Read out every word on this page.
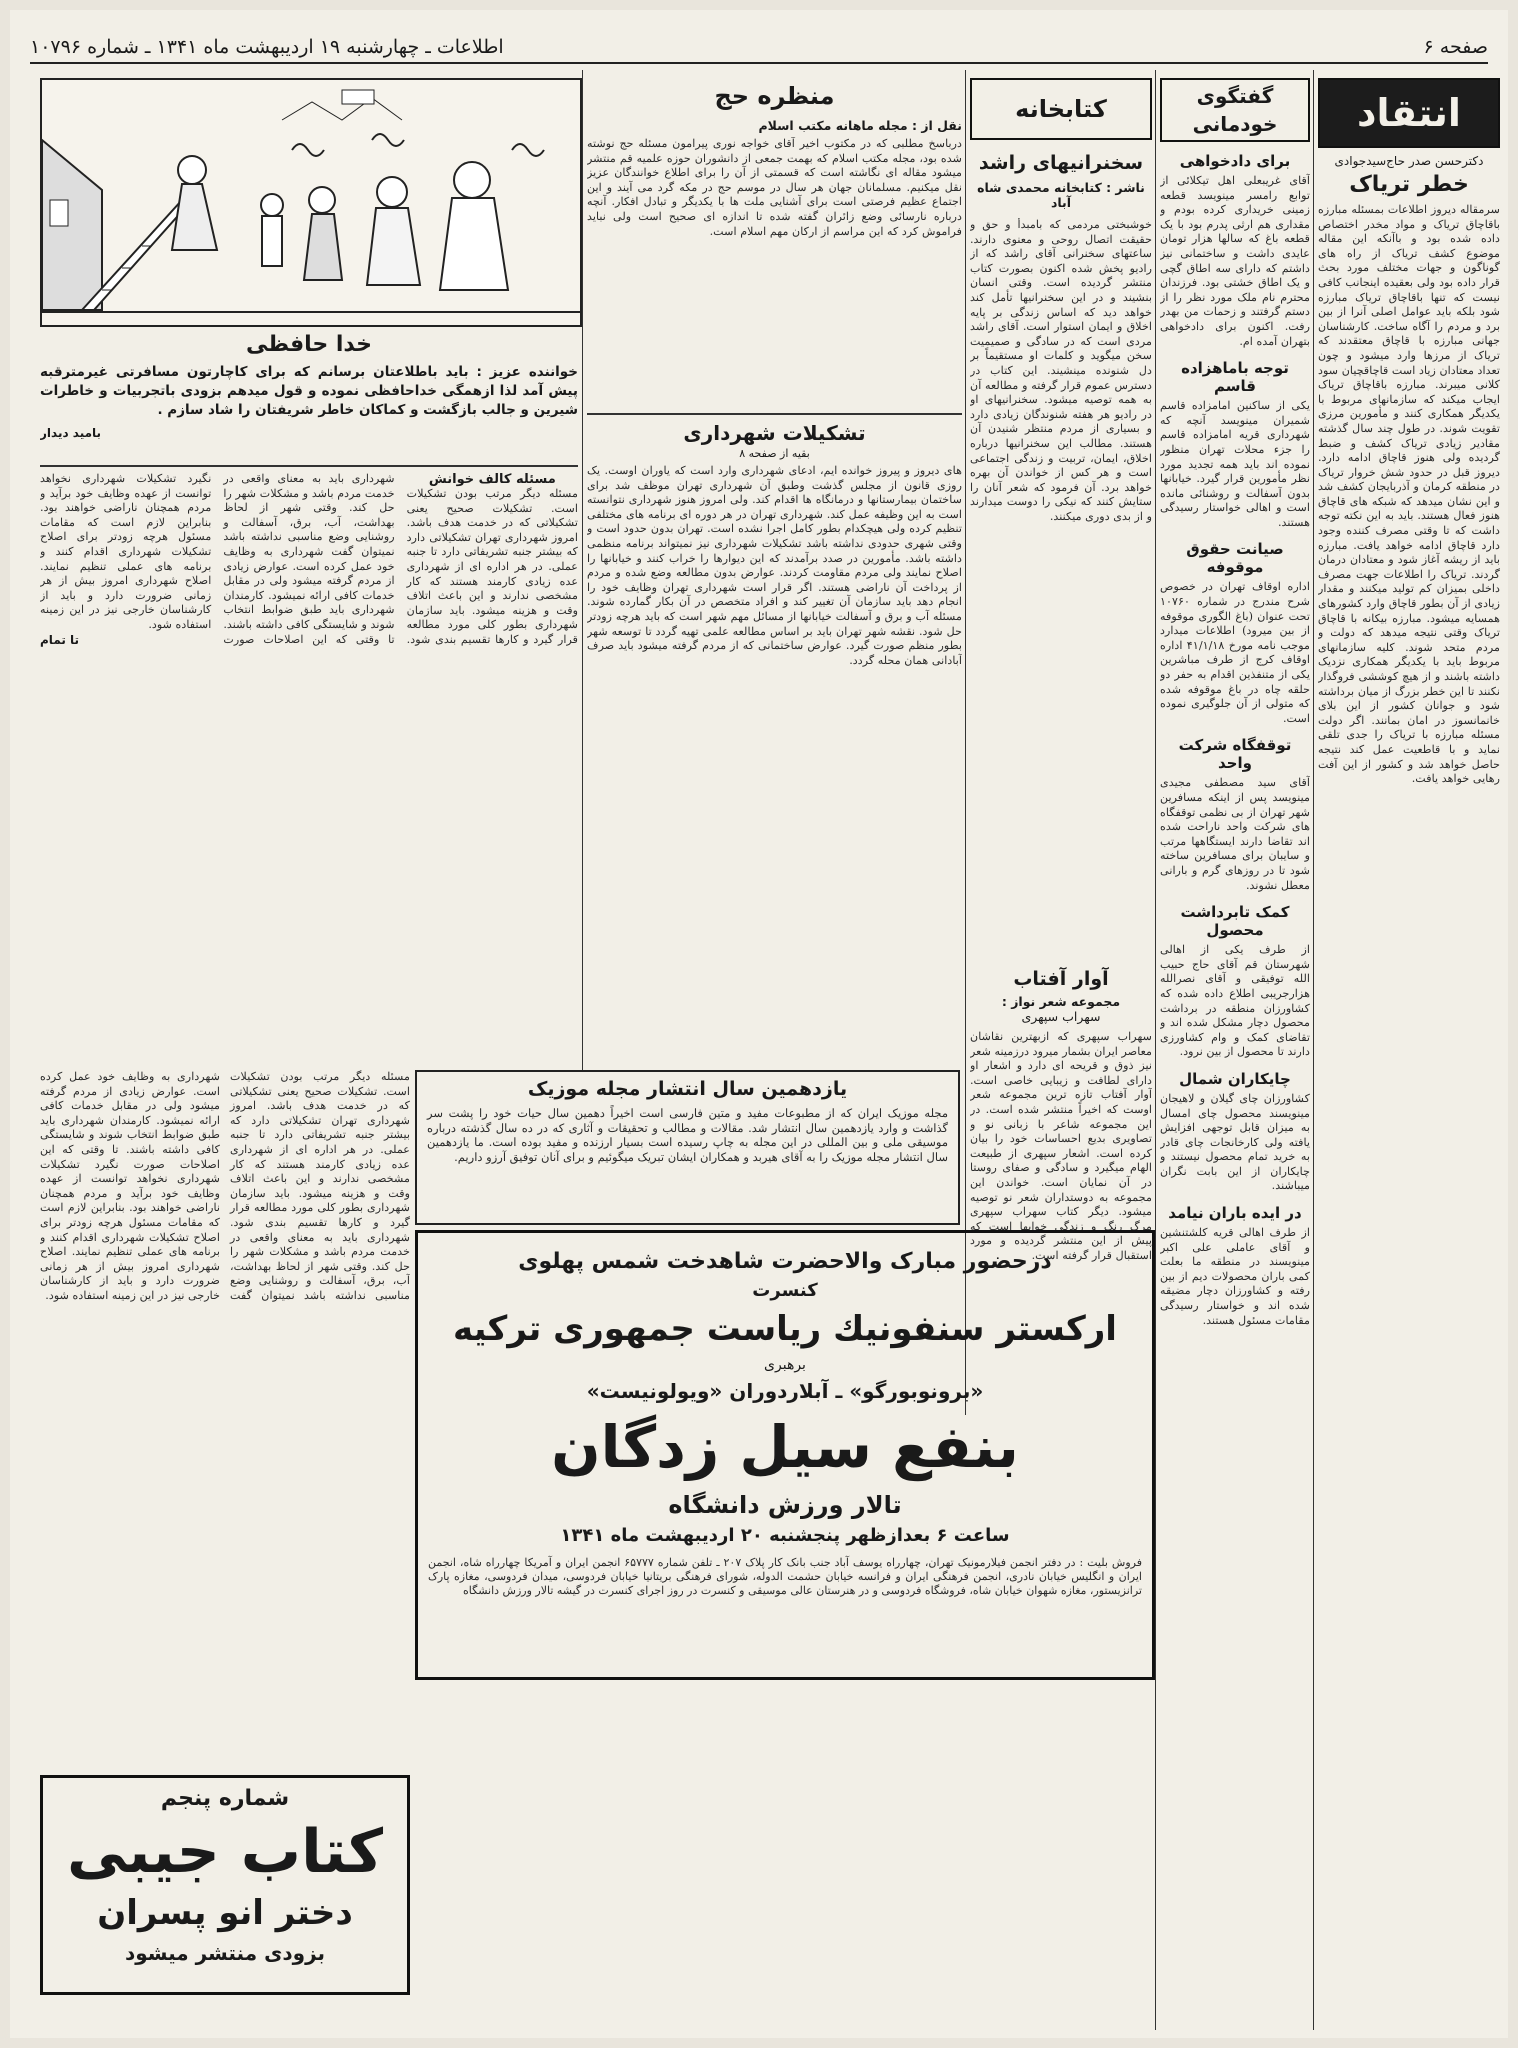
صفحه ۶
اطلاعات ـ چهارشنبه ۱۹ اردیبهشت ماه ۱۳۴۱ ـ شماره ۱۰۷۹۶
انتقاد
دکترحسن صدر حاج‌سیدجوادی
خطر تریاک
سرمقاله دیروز اطلاعات بمسئله مبارزه باقاچاق تریاک و مواد مخدر اختصاص داده شده بود و باآنکه این مقاله موضوع کشف تریاک از راه های گوناگون و جهات مختلف مورد بحث قرار داده بود ولی بعقیده اینجانب کافی نیست که تنها باقاچاق تریاک مبارزه شود بلکه باید عوامل اصلی آنرا از بین برد و مردم را آگاه ساخت. کارشناسان جهانی مبارزه با قاچاق معتقدند که تریاک از مرزها وارد میشود و چون تعداد معتادان زیاد است قاچاقچیان سود کلانی میبرند. مبارزه باقاچاق تریاک ایجاب میکند که سازمانهای مربوط با یکدیگر همکاری کنند و مأمورین مرزی تقویت شوند. در طول چند سال گذشته مقادیر زیادی تریاک کشف و ضبط گردیده ولی هنوز قاچاق ادامه دارد. دیروز قبل در حدود شش خروار تریاک در منطقه کرمان و آذربایجان کشف شد و این نشان میدهد که شبکه های قاچاق هنوز فعال هستند. باید به این نکته توجه داشت که تا وقتی مصرف کننده وجود دارد قاچاق ادامه خواهد یافت. مبارزه باید از ریشه آغاز شود و معتادان درمان گردند. تریاک را اطلاعات جهت مصرف داخلی بمیزان کم تولید میکنند و مقدار زیادی از آن بطور قاچاق وارد کشورهای همسایه میشود. مبارزه بیکانه با قاچاق تریاک وقتی نتیجه میدهد که دولت و مردم متحد شوند. کلیه سازمانهای مربوط باید با یکدیگر همکاری نزدیک داشته باشند و از هیچ کوششی فروگذار نکنند تا این خطر بزرگ از میان برداشته شود و جوانان کشور از این بلای خانمانسوز در امان بمانند. اگر دولت مسئله مبارزه با تریاک را جدی تلقی نماید و با قاطعیت عمل کند نتیجه حاصل خواهد شد و کشور از این آفت رهایی خواهد یافت.
گفتگوی خودمانی
برای دادخواهی
آقای غریبعلی اهل تیکلائی از توابع رامسر مینویسد قطعه زمینی خریداری کرده بودم و مقداری هم ارثی پدرم بود با یک قطعه باغ که سالها هزار تومان عایدی داشت و ساختمانی نیز داشتم که دارای سه اطاق گچی و یک اطاق خشتی بود. فرزندان محترم نام ملک مورد نظر را از دستم گرفتند و زحمات من بهدر رفت. اکنون برای دادخواهی بتهران آمده ام.
توجه باماهزاده قاسم
یکی از ساکنین امامزاده قاسم شمیران مینویسد آنچه که شهرداری قریه امامزاده قاسم را جزء محلات تهران منظور نموده اند باید همه تجدید مورد نظر مأمورین قرار گیرد. خیابانها بدون آسفالت و روشنائی مانده است و اهالی خواستار رسیدگی هستند.
صیانت حقوق موقوفه
اداره اوقاف تهران در خصوص شرح مندرج در شماره ۱۰۷۶۰ تحت عنوان (باغ الگوری موقوفه از بین میرود) اطلاعات میدارد موجب نامه مورخ ۴۱/۱/۱۸ اداره اوقاف کرج از طرف مباشرین یکی از متنفذین اقدام به حفر دو حلقه چاه در باغ موقوفه شده که متولی از آن جلوگیری نموده است.
توقفگاه شرکت واحد
آقای سید مصطفی مجیدی مینویسد پس از اینکه مسافرین شهر تهران از بی نظمی توقفگاه های شرکت واحد ناراحت شده اند تقاضا دارند ایستگاهها مرتب و سایبان برای مسافرین ساخته شود تا در روزهای گرم و بارانی معطل نشوند.
کمک تابرداشت محصول
از طرف یکی از اهالی شهرستان قم آقای حاج حبیب الله توفیقی و آقای نصرالله هزارجریبی اطلاع داده شده که کشاورزان منطقه در برداشت محصول دچار مشکل شده اند و تقاضای کمک و وام کشاورزی دارند تا محصول از بین نرود.
چایکاران شمال
کشاورزان چای گیلان و لاهیجان مینویسند محصول چای امسال به میزان قابل توجهی افزایش یافته ولی کارخانجات چای قادر به خرید تمام محصول نیستند و چایکاران از این بابت نگران میباشند.
در ایده باران نیامد
از طرف اهالی قریه کلشتنشین و آقای عاملی علی اکبر مینویسند در منطقه ما بعلت کمی باران محصولات دیم از بین رفته و کشاورزان دچار مضیقه شده اند و خواستار رسیدگی مقامات مسئول هستند.
کتابخانه
سخنرانیهای راشد
ناشر : کتابخانه محمدی شاه آباد
خوشبختی مردمی که بامبدأ و حق و حقیقت اتصال روحی و معنوی دارند. ساعتهای سخنرانی آقای راشد که از رادیو پخش شده اکنون بصورت کتاب منتشر گردیده است. وقتی انسان بنشیند و در این سخنرانیها تأمل کند خواهد دید که اساس زندگی بر پایه اخلاق و ایمان استوار است. آقای راشد مردی است که در سادگی و صمیمیت سخن میگوید و کلمات او مستقیماً بر دل شنونده مینشیند. این کتاب در دسترس عموم قرار گرفته و مطالعه آن به همه توصیه میشود. سخنرانیهای او در رادیو هر هفته شنوندگان زیادی دارد و بسیاری از مردم منتظر شنیدن آن هستند. مطالب این سخنرانیها درباره اخلاق، ایمان، تربیت و زندگی اجتماعی است و هر کس از خواندن آن بهره خواهد برد. آن فرمود که شعر آنان را ستایش کنند که نیکی را دوست میدارند و از بدی دوری میکنند.
آوار آفتاب
مجموعه شعر نواز :
سهراب سپهری
سهراب سپهری که ازبهترین نقاشان معاصر ایران بشمار میرود درزمینه شعر نیز ذوق و قریحه ای دارد و اشعار او دارای لطافت و زیبایی خاصی است. آوار آفتاب تازه ترین مجموعه شعر اوست که اخیراً منتشر شده است. در این مجموعه شاعر با زبانی نو و تصاویری بدیع احساسات خود را بیان کرده است. اشعار سپهری از طبیعت الهام میگیرد و سادگی و صفای روستا در آن نمایان است. خواندن این مجموعه به دوستداران شعر نو توصیه میشود. دیگر کتاب سهراب سپهری مرگ رنگ و زندگی خوابها است که پیش از این منتشر گردیده و مورد استقبال قرار گرفته است.
منظره حج
نقل از : مجله ماهانه مکتب اسلام
درباسخ مطلبی که در مکتوب اخیر آقای خواجه نوری پیرامون مسئله حج نوشته شده بود، مجله مکتب اسلام که بهمت جمعی از دانشوران حوزه علمیه قم منتشر میشود مقاله ای نگاشته است که قسمتی از آن را برای اطلاع خوانندگان عزیز نقل میکنیم. مسلمانان جهان هر سال در موسم حج در مکه گرد می آیند و این اجتماع عظیم فرصتی است برای آشنایی ملت ها با یکدیگر و تبادل افکار. آنچه درباره نارسائی وضع زائران گفته شده تا اندازه ای صحیح است ولی نباید فراموش کرد که این مراسم از ارکان مهم اسلام است.
تشکیلات شهرداری
بقیه از صفحه ۸
های دیروز و پیروز خوانده ایم، ادعای شهرداری وارد است که یاوران اوست. یک روزی قانون از مجلس گذشت وطبق آن شهرداری تهران موظف شد برای ساختمان بیمارستانها و درمانگاه ها اقدام کند. ولی امروز هنوز شهرداری نتوانسته است به این وظیفه عمل کند. شهرداری تهران در هر دوره ای برنامه های مختلفی تنظیم کرده ولی هیچکدام بطور کامل اجرا نشده است. تهران بدون حدود است و وقتی شهری حدودی نداشته باشد تشکیلات شهرداری نیز نمیتواند برنامه منظمی داشته باشد. مأمورین در صدد برآمدند که این دیوارها را خراب کنند و خیابانها را اصلاح نمایند ولی مردم مقاومت کردند. عوارض بدون مطالعه وضع شده و مردم از پرداخت آن ناراضی هستند. اگر قرار است شهرداری تهران وظایف خود را انجام دهد باید سازمان آن تغییر کند و افراد متخصص در آن بکار گمارده شوند. مسئله آب و برق و آسفالت خیابانها از مسائل مهم شهر است که باید هرچه زودتر حل شود. نقشه شهر تهران باید بر اساس مطالعه علمی تهیه گردد تا توسعه شهر بطور منظم صورت گیرد. عوارض ساختمانی که از مردم گرفته میشود باید صرف آبادانی همان محله گردد.
خدا حافظی
خواننده عزیز : باید باطلاعتان برسانم که برای کاچارتون مسافرتی غیرمترقبه پیش آمد لذا ازهمگی خداحافظی نموده و قول میدهم بزودی باتجربیات و خاطرات شیرین و جالب بازگشت و کماکان خاطر شریفتان را شاد سازم .
بامید دیدار
مسئله کالف خوانش
مسئله دیگر مرتب بودن تشکیلات است. تشکیلات صحیح یعنی تشکیلاتی که در خدمت هدف باشد. امروز شهرداری تهران تشکیلاتی دارد که بیشتر جنبه تشریفاتی دارد تا جنبه عملی. در هر اداره ای از شهرداری عده زیادی کارمند هستند که کار مشخصی ندارند و این باعث اتلاف وقت و هزینه میشود. باید سازمان شهرداری بطور کلی مورد مطالعه قرار گیرد و کارها تقسیم بندی شود. شهرداری باید به معنای واقعی در خدمت مردم باشد و مشکلات شهر را حل کند. وقتی شهر از لحاظ بهداشت، آب، برق، آسفالت و روشنایی وضع مناسبی نداشته باشد نمیتوان گفت شهرداری به وظایف خود عمل کرده است. عوارض زیادی از مردم گرفته میشود ولی در مقابل خدمات کافی ارائه نمیشود. کارمندان شهرداری باید طبق ضوابط انتخاب شوند و شایستگی کافی داشته باشند. تا وقتی که این اصلاحات صورت نگیرد تشکیلات شهرداری نخواهد توانست از عهده وظایف خود برآید و مردم همچنان ناراضی خواهند بود. بنابراین لازم است که مقامات مسئول هرچه زودتر برای اصلاح تشکیلات شهرداری اقدام کنند و برنامه های عملی تنظیم نمایند. اصلاح شهرداری امروز بیش از هر زمانی ضرورت دارد و باید از کارشناسان خارجی نیز در این زمینه استفاده شود.
تا تمام
یازدهمین سال انتشار مجله موزیک
مجله موزیک ایران که از مطبوعات مفید و متین فارسی است اخیراً دهمین سال حیات خود را پشت سر گذاشت و وارد یازدهمین سال انتشار شد. مقالات و مطالب و تحقیقات و آثاری که در ده سال گذشته درباره موسیقی ملی و بین المللی در این مجله به چاپ رسیده است بسیار ارزنده و مفید بوده است. ما یازدهمین سال انتشار مجله موزیک را به آقای هیربد و همکاران ایشان تبریک میگوئیم و برای آنان توفیق آرزو داریم.
درحضور مبارک والاحضرت شاهدخت شمس پهلوی
کنسرت
ارکستر سنفونیك ریاست جمهوری ترکیه
برهبری
«برونوبورگو» ـ آبلاردوران «ویولونیست»
بنفع سیل زدگان
تالار ورزش دانشگاه
ساعت ۶ بعدازظهر پنجشنبه ۲۰ اردیبهشت ماه ۱۳۴۱
فروش بلیت : در دفتر انجمن فیلارمونیک تهران، چهارراه یوسف آباد جنب بانک کار پلاک ۲۰۷ ـ تلفن شماره ۶۵۷۷۷ انجمن ایران و آمریکا چهارراه شاه، انجمن ایران و انگلیس خیابان نادری، انجمن فرهنگی ایران و فرانسه خیابان حشمت الدوله، شورای فرهنگی بریتانیا خیابان فردوسی، میدان فردوسی، مغازه پارک ترانزیستور، مغازه شهوان خیابان شاه، فروشگاه فردوسی و در هنرستان عالی موسیقی و کنسرت در روز اجرای کنسرت در گیشه تالار ورزش دانشگاه
شماره پنجم
کتاب جیبی
دختر انو پسران
بزودی منتشر میشود
مسئله دیگر مرتب بودن تشکیلات است. تشکیلات صحیح یعنی تشکیلاتی که در خدمت هدف باشد. امروز شهرداری تهران تشکیلاتی دارد که بیشتر جنبه تشریفاتی دارد تا جنبه عملی. در هر اداره ای از شهرداری عده زیادی کارمند هستند که کار مشخصی ندارند و این باعث اتلاف وقت و هزینه میشود. باید سازمان شهرداری بطور کلی مورد مطالعه قرار گیرد و کارها تقسیم بندی شود. شهرداری باید به معنای واقعی در خدمت مردم باشد و مشکلات شهر را حل کند. وقتی شهر از لحاظ بهداشت، آب، برق، آسفالت و روشنایی وضع مناسبی نداشته باشد نمیتوان گفت شهرداری به وظایف خود عمل کرده است. عوارض زیادی از مردم گرفته میشود ولی در مقابل خدمات کافی ارائه نمیشود. کارمندان شهرداری باید طبق ضوابط انتخاب شوند و شایستگی کافی داشته باشند. تا وقتی که این اصلاحات صورت نگیرد تشکیلات شهرداری نخواهد توانست از عهده وظایف خود برآید و مردم همچنان ناراضی خواهند بود. بنابراین لازم است که مقامات مسئول هرچه زودتر برای اصلاح تشکیلات شهرداری اقدام کنند و برنامه های عملی تنظیم نمایند. اصلاح شهرداری امروز بیش از هر زمانی ضرورت دارد و باید از کارشناسان خارجی نیز در این زمینه استفاده شود.
